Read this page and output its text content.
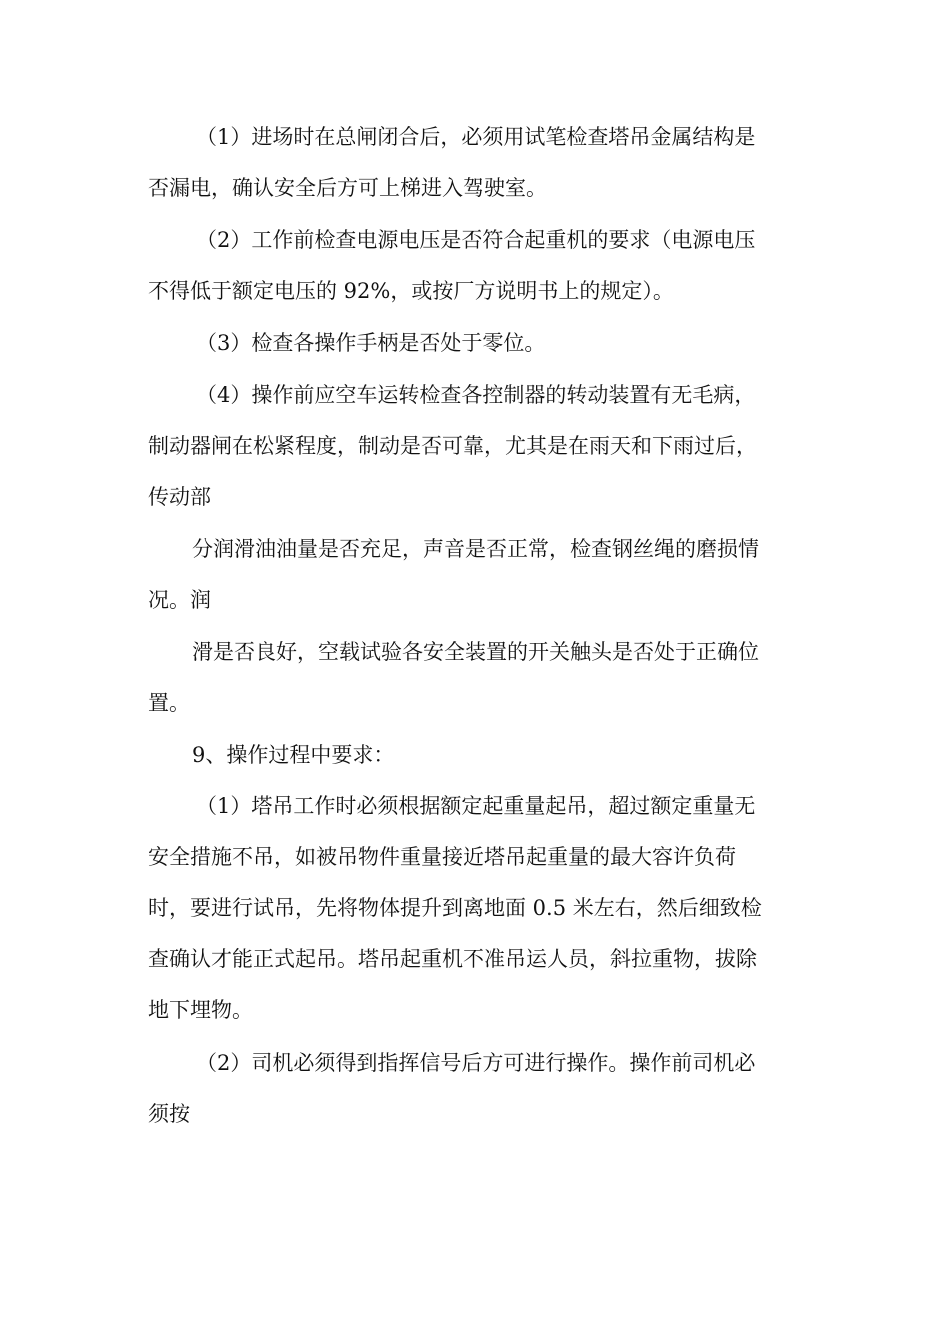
（1）进场时在总闸闭合后，必须用试笔检查塔吊金属结构是
否漏电，确认安全后方可上梯进入驾驶室。
（2）工作前检查电源电压是否符合起重机的要求（电源电压
不得低于额定电压的 92%，或按厂方说明书上的规定）。
（3）检查各操作手柄是否处于零位。
（4）操作前应空车运转检查各控制器的转动装置有无毛病，
制动器闸在松紧程度，制动是否可靠，尤其是在雨天和下雨过后，
传动部
分润滑油油量是否充足，声音是否正常，检查钢丝绳的磨损情
况。润
滑是否良好，空载试验各安全装置的开关触头是否处于正确位
置。
9、操作过程中要求：
（1）塔吊工作时必须根据额定起重量起吊，超过额定重量无
安全措施不吊，如被吊物件重量接近塔吊起重量的最大容许负荷
时，要进行试吊，先将物体提升到离地面 0.5 米左右，然后细致检
查确认才能正式起吊。塔吊起重机不准吊运人员，斜拉重物，拔除
地下埋物。
（2）司机必须得到指挥信号后方可进行操作。操作前司机必
须按
